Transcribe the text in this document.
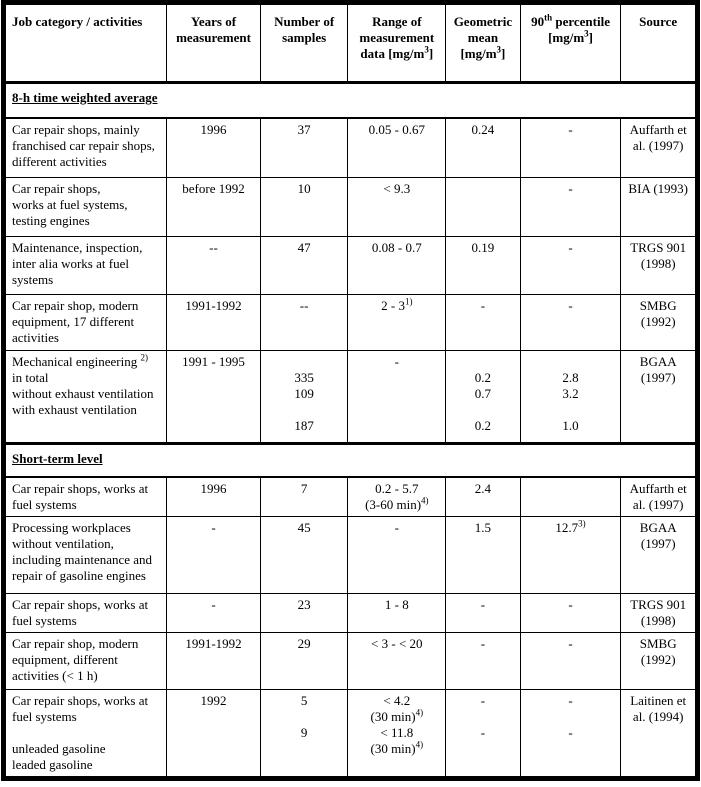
Job category / activities	Years of
measurement	Number of
samples	Range of
measurement
data $[mg/m^3]$	Geometric
mean
$[mg/m^3]$	90th percentile
$[mg/m^3]$	Source
8-h time weighted average						
Car repair shops, mainly
franchised car repair shops,
different activities	1996	37	0.05 - 0.67	0.24	-	Auffarth et
al. (1997)
Car repair shops,
works at fuel systems,
testing engines	before 1992	10	< 9.3		-	BIA (1993)
Maintenance, inspection,
inter alia works at fuel
systems	--	47	0.08 - 0.7	0.19	-	TRGS 901
(1998)
Car repair shop, modern
equipment, 17 different
activities	1991-1992	--	2 - 3$^{1)}$	-	-	SMBG
(1992)
Mechanical engineering $^{2)}$
in total
without exhaust ventilation
with exhaust ventilation	1991 - 1995	335
109

187	-	0.2
0.7

0.2	2.8
3.2

1.0	BGAA
(1997)
Short-term level						
Car repair shops, works at
fuel systems	1996	7	0.2 - 5.7
(3-60 min)$^{4)}$	2.4		Auffarth et
al. (1997)
Processing workplaces
without ventilation,
including maintenance and
repair of gasoline engines	-	45	-	1.5	12.7$^{3)}$	BGAA
(1997)
Car repair shops, works at
fuel systems	-	23	1 - 8	-	-	TRGS 901
(1998)
Car repair shop, modern
equipment, different
activities (< 1 h)	1991-1992	29	< 3 - < 20	-	-	SMBG
(1992)
Car repair shops, works at
fuel systems

unleaded gasoline
leaded gasoline	1992	5

9	< 4.2
(30 min)$^{4)}$
< 11.8
(30 min)$^{4)}$	-

-	-

-	Laitinen et
al. (1994)
